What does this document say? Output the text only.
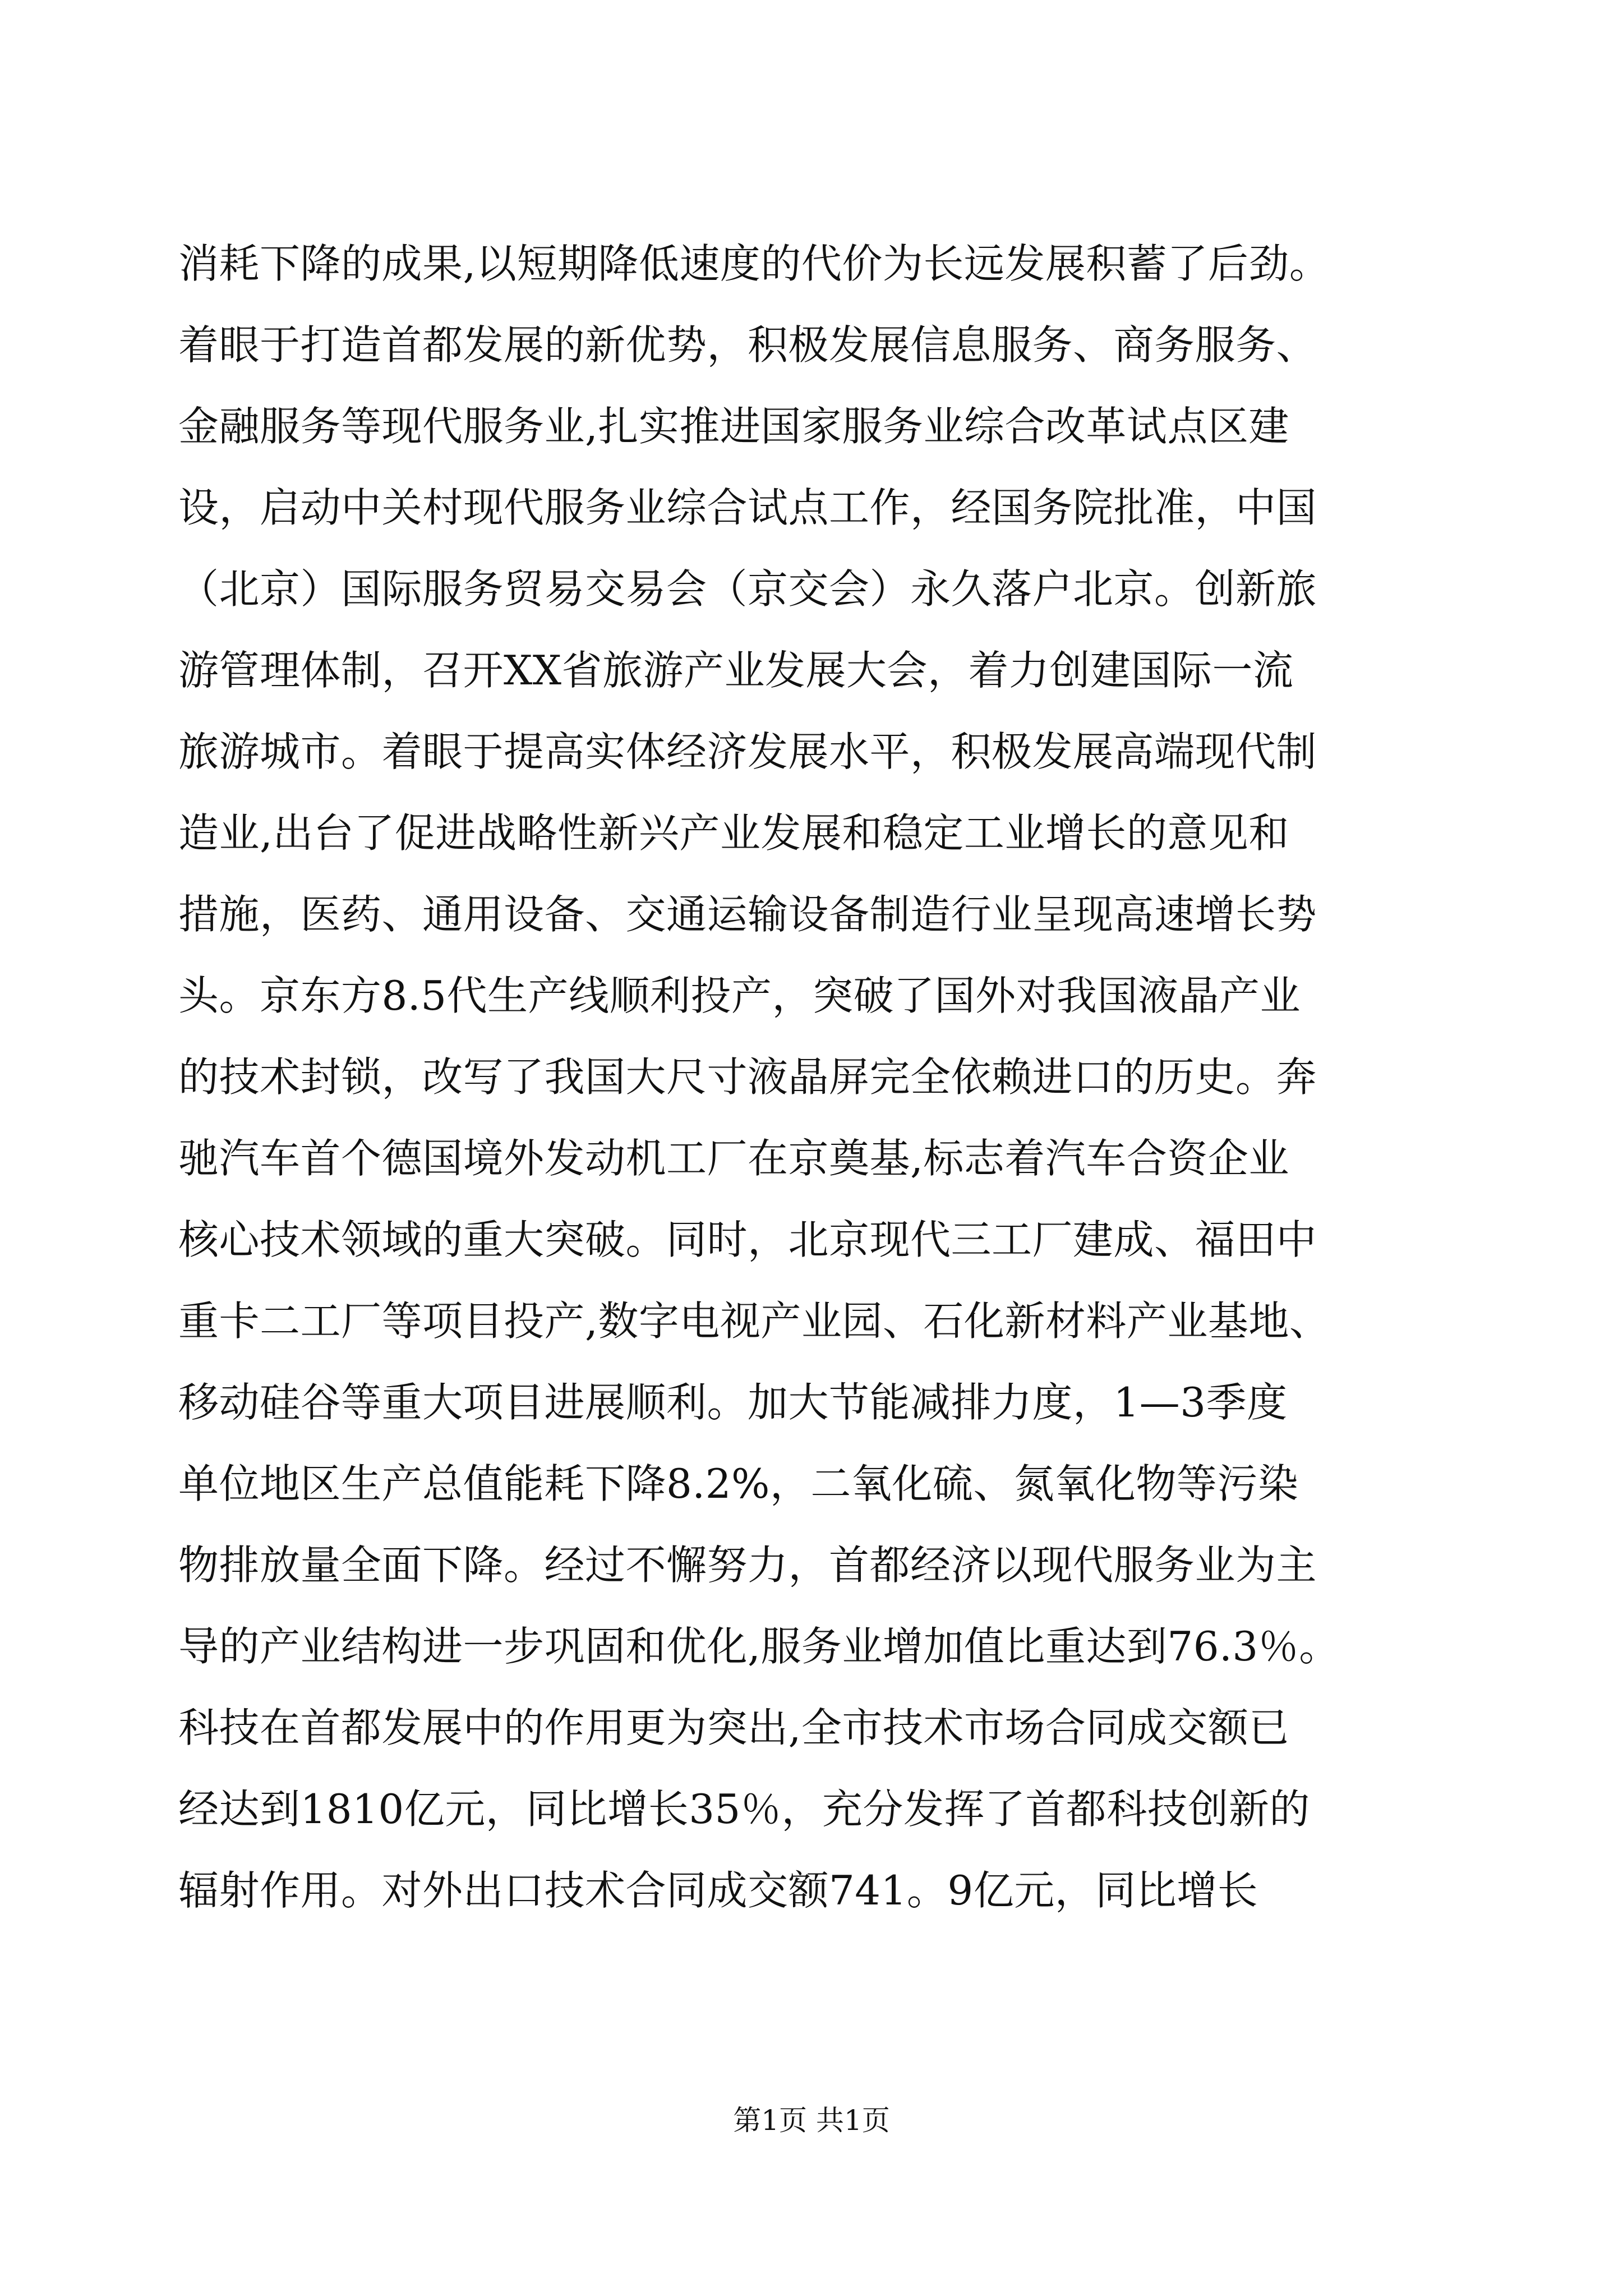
消耗下降的成果,以短期降低速度的代价为长远发展积蓄了后劲。
着眼于打造首都发展的新优势，积极发展信息服务、商务服务、
金融服务等现代服务业,扎实推进国家服务业综合改革试点区建
设，启动中关村现代服务业综合试点工作，经国务院批准，中国
（北京）国际服务贸易交易会（京交会）永久落户北京。创新旅
游管理体制，召开XX省旅游产业发展大会，着力创建国际一流
旅游城市。着眼于提高实体经济发展水平，积极发展高端现代制
造业,出台了促进战略性新兴产业发展和稳定工业增长的意见和
措施，医药、通用设备、交通运输设备制造行业呈现高速增长势
头。京东方8.5代生产线顺利投产，突破了国外对我国液晶产业
的技术封锁，改写了我国大尺寸液晶屏完全依赖进口的历史。奔
驰汽车首个德国境外发动机工厂在京奠基,标志着汽车合资企业
核心技术领域的重大突破。同时，北京现代三工厂建成、福田中
重卡二工厂等项目投产,数字电视产业园、石化新材料产业基地、
移动硅谷等重大项目进展顺利。加大节能减排力度，1—3季度
单位地区生产总值能耗下降8.2%，二氧化硫、氮氧化物等污染
物排放量全面下降。经过不懈努力，首都经济以现代服务业为主
导的产业结构进一步巩固和优化,服务业增加值比重达到76.3％。
科技在首都发展中的作用更为突出,全市技术市场合同成交额已
经达到1810亿元，同比增长35％，充分发挥了首都科技创新的
辐射作用。对外出口技术合同成交额741。9亿元，同比增长
第1页 共1页
